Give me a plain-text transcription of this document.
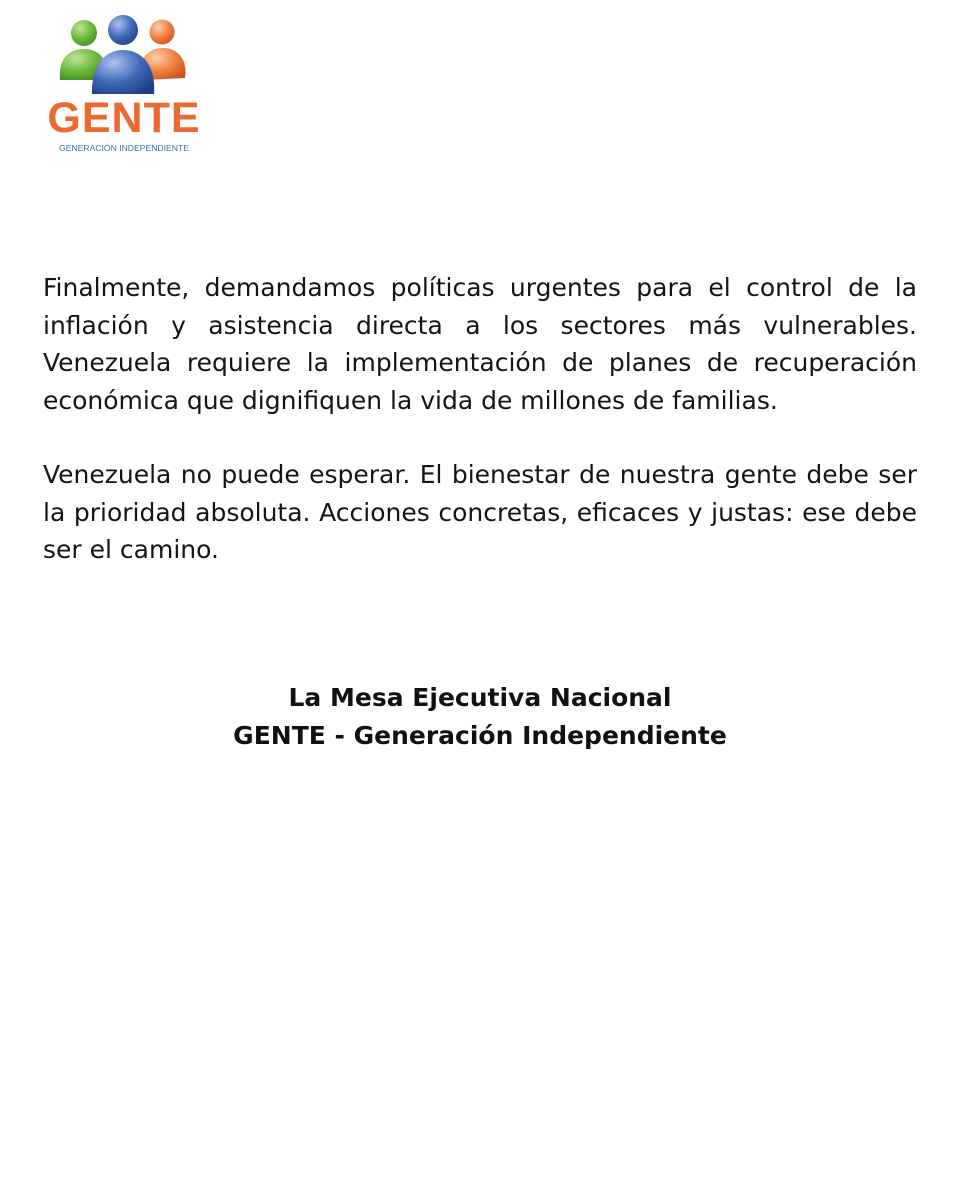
GENTE
GENERACIÓN INDEPENDIENTE

Finalmente, demandamos políticas urgentes para el control de la inflación y asistencia directa a los sectores más vulnerables. Venezuela requiere la implementación de planes de recuperación económica que dignifiquen la vida de millones de familias.

Venezuela no puede esperar. El bienestar de nuestra gente debe ser la prioridad absoluta. Acciones concretas, eficaces y justas: ese debe ser el camino.

La Mesa Ejecutiva Nacional
GENTE - Generación Independiente
